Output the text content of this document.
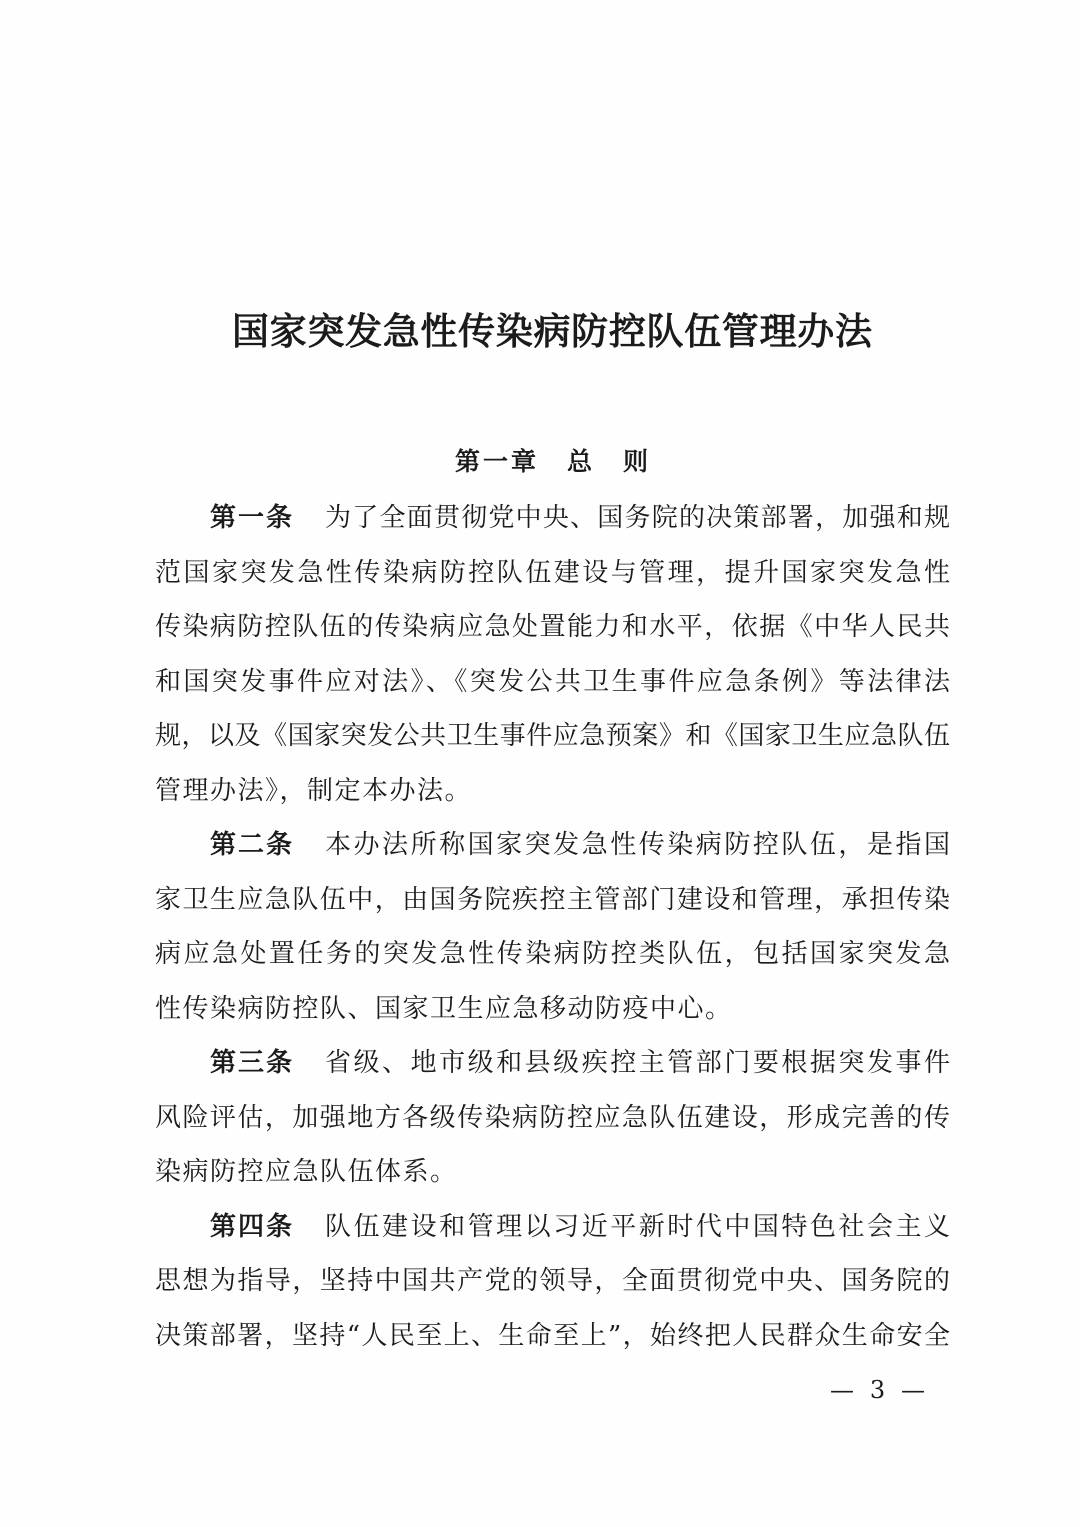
国家突发急性传染病防控队伍管理办法
第一章　总　则
第一条 为了全面贯彻党中央、国务院的决策部署，加强和规
范国家突发急性传染病防控队伍建设与管理，提升国家突发急性
传染病防控队伍的传染病应急处置能力和水平，依据《中华人民共
和国突发事件应对法》、《突发公共卫生事件应急条例》等法律法
规，以及《国家突发公共卫生事件应急预案》和《国家卫生应急队伍
管理办法》，制定本办法。
第二条 本办法所称国家突发急性传染病防控队伍，是指国
家卫生应急队伍中，由国务院疾控主管部门建设和管理，承担传染
病应急处置任务的突发急性传染病防控类队伍，包括国家突发急
性传染病防控队、国家卫生应急移动防疫中心。
第三条 省级、地市级和县级疾控主管部门要根据突发事件
风险评估，加强地方各级传染病防控应急队伍建设，形成完善的传
染病防控应急队伍体系。
第四条 队伍建设和管理以习近平新时代中国特色社会主义
思想为指导，坚持中国共产党的领导，全面贯彻党中央、国务院的
决策部署，坚持“人民至上、生命至上”，始终把人民群众生命安全
— 3 —
